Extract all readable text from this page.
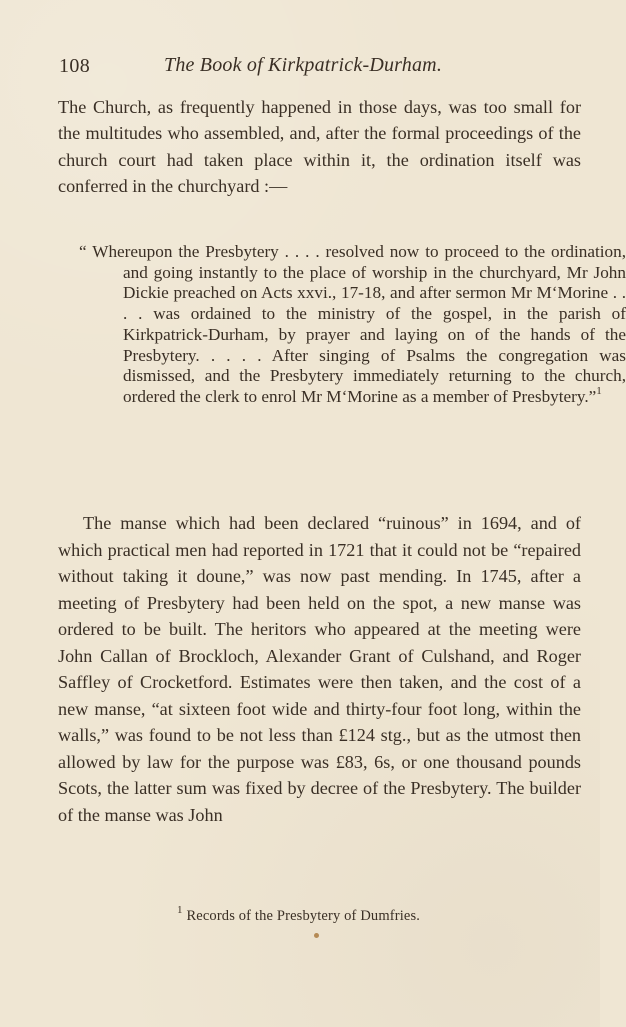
108	The Book of Kirkpatrick-Durham.

The Church, as frequently happened in those days, was too small for the multitudes who assembled, and, after the formal proceedings of the church court had taken place within it, the ordination itself was conferred in the churchyard :—

“ Whereupon the Presbytery . . . . resolved now to proceed to the ordination, and going instantly to the place of worship in the churchyard, Mr John Dickie preached on Acts xxvi., 17-18, and after sermon Mr M‘Morine . . . . was ordained to the ministry of the gospel, in the parish of Kirkpatrick-Durham, by prayer and laying on of the hands of the Presbytery. . . . . After singing of Psalms the congregation was dismissed, and the Presbytery immediately returning to the church, ordered the clerk to enrol Mr M‘Morine as a member of Presbytery.”$^1$

The manse which had been declared “ruinous” in 1694, and of which practical men had reported in 1721 that it could not be “repaired without taking it doune,” was now past mending. In 1745, after a meeting of Presbytery had been held on the spot, a new manse was ordered to be built. The heritors who appeared at the meeting were John Callan of Brockloch, Alexander Grant of Culshand, and Roger Saffley of Crocketford. Estimates were then taken, and the cost of a new manse, “at sixteen foot wide and thirty-four foot long, within the walls,” was found to be not less than £124 stg., but as the utmost then allowed by law for the purpose was £83, 6s, or one thousand pounds Scots, the latter sum was fixed by decree of the Presbytery. The builder of the manse was John

$^1$ Records of the Presbytery of Dumfries.
